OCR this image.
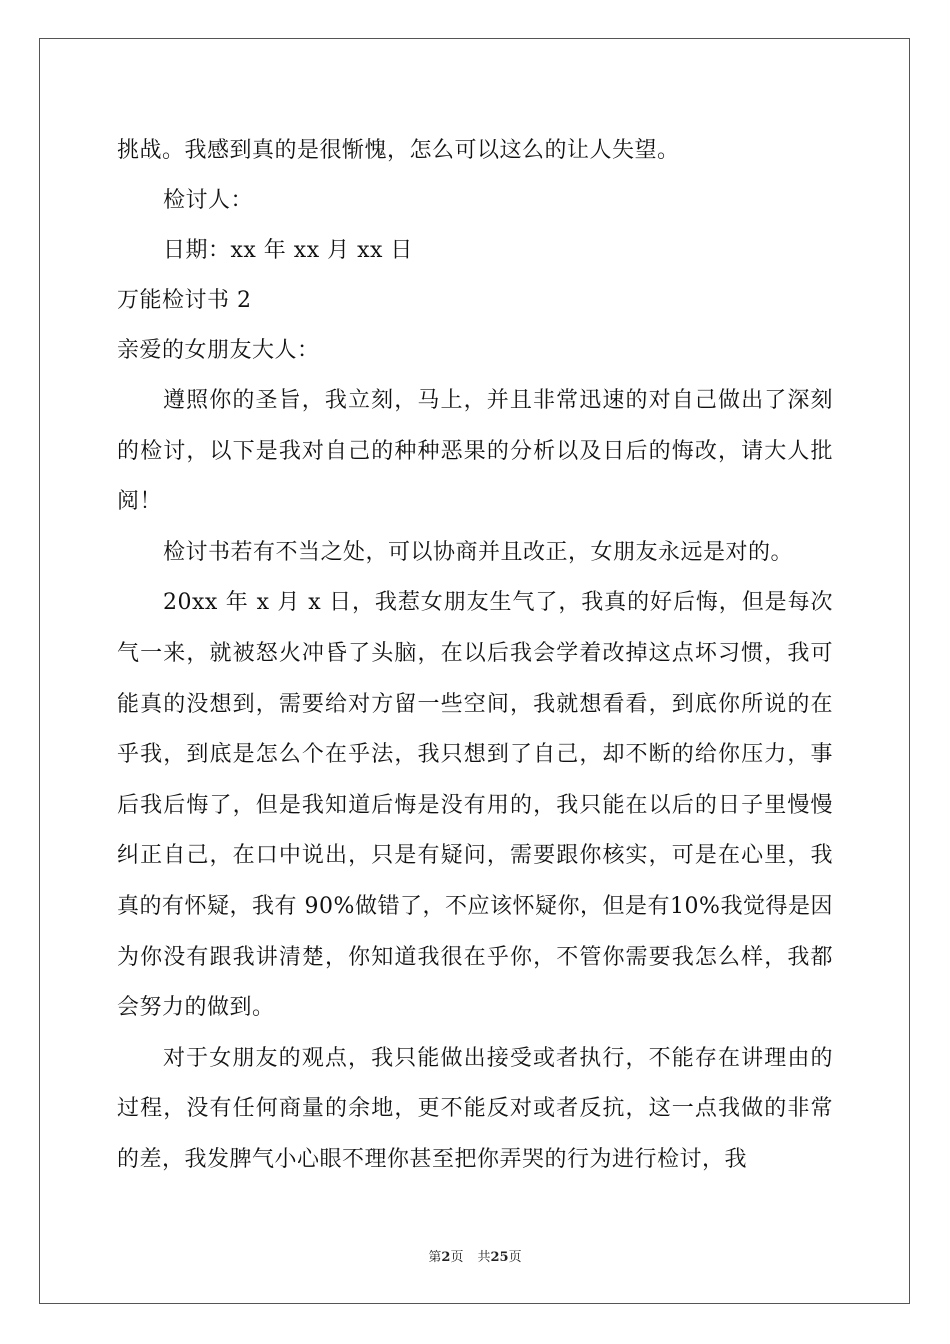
挑战。我感到真的是很惭愧，怎么可以这么的让人失望。
检讨人：
日期：xx 年 xx 月 xx 日
万能检讨书 2
亲爱的女朋友大人：
遵照你的圣旨，我立刻，马上，并且非常迅速的对自己做出了深刻的检讨，以下是我对自己的种种恶果的分析以及日后的悔改，请大人批阅！
检讨书若有不当之处，可以协商并且改正，女朋友永远是对的。
20xx 年 x 月 x 日，我惹女朋友生气了，我真的好后悔，但是每次气一来，就被怒火冲昏了头脑，在以后我会学着改掉这点坏习惯，我可能真的没想到，需要给对方留一些空间，我就想看看，到底你所说的在乎我，到底是怎么个在乎法，我只想到了自己，却不断的给你压力，事后我后悔了，但是我知道后悔是没有用的，我只能在以后的日子里慢慢纠正自己，在口中说出，只是有疑问，需要跟你核实，可是在心里，我真的有怀疑，我有 90%做错了，不应该怀疑你，但是有10%我觉得是因为你没有跟我讲清楚，你知道我很在乎你，不管你需要我怎么样，我都会努力的做到。
对于女朋友的观点，我只能做出接受或者执行，不能存在讲理由的过程，没有任何商量的余地，更不能反对或者反抗，这一点我做的非常的差，我发脾气小心眼不理你甚至把你弄哭的行为进行检讨，我
第2页 共25页
